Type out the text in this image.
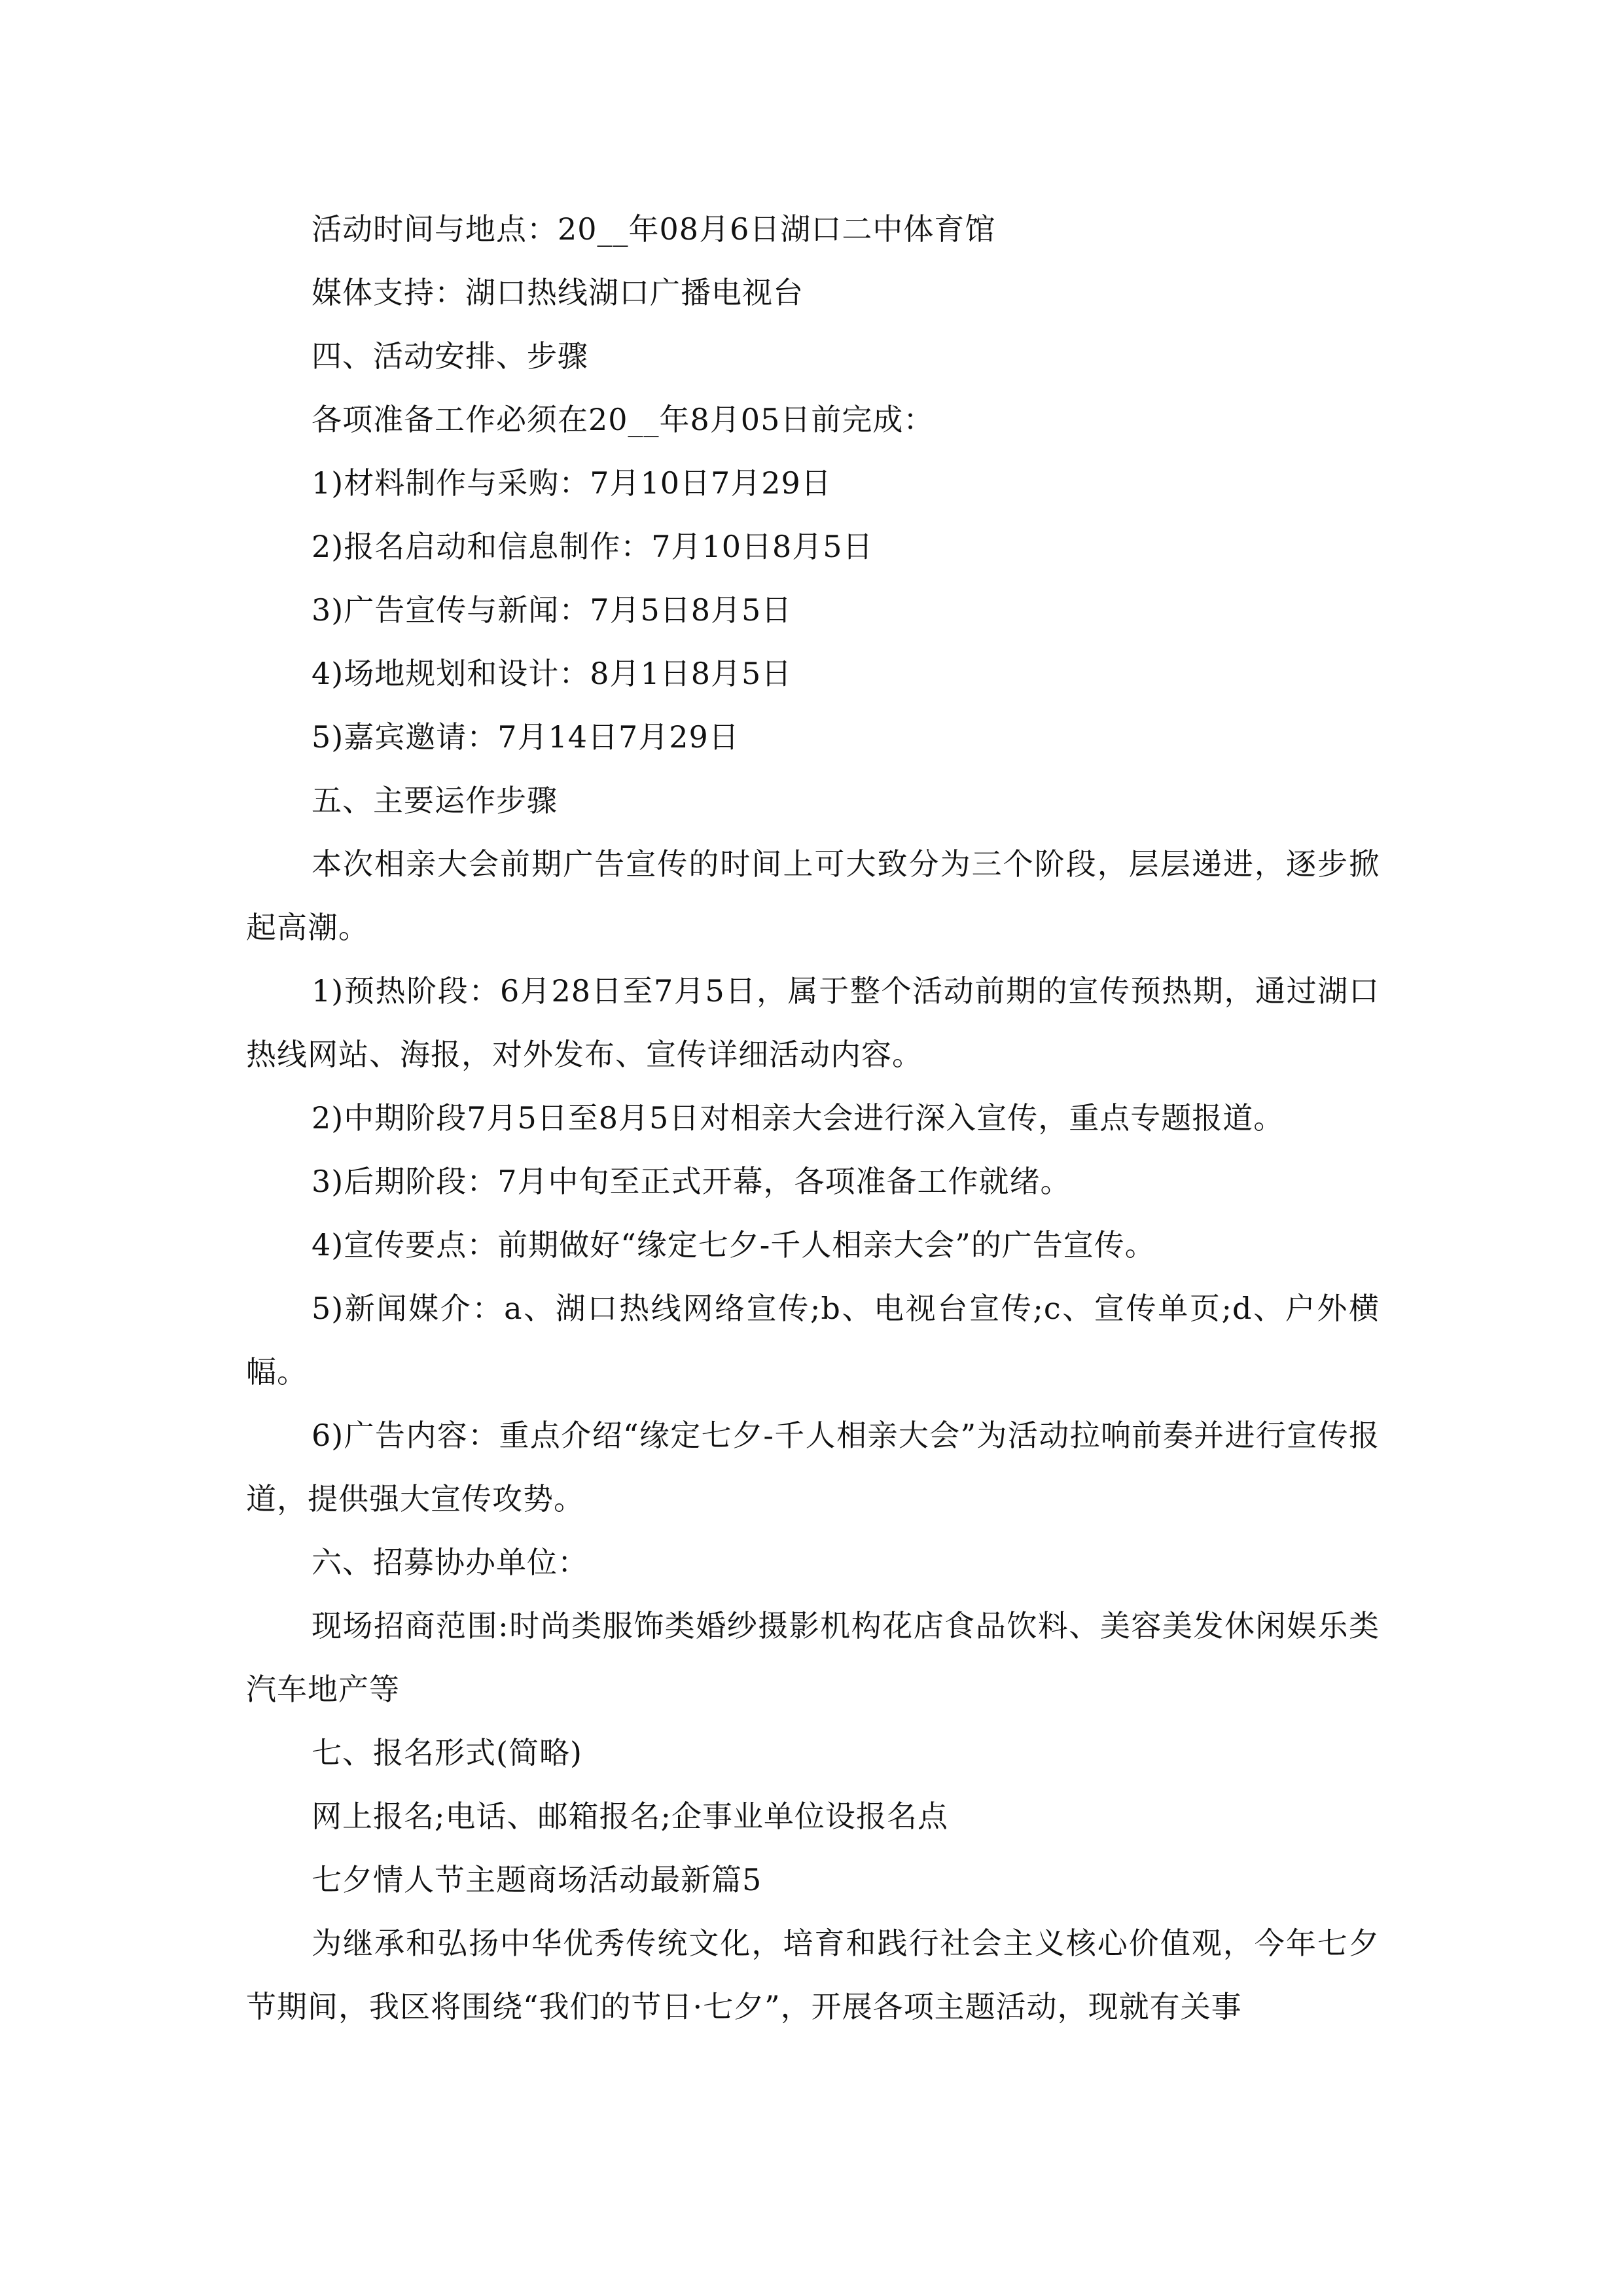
活动时间与地点：20__年08月6日湖口二中体育馆

媒体支持：湖口热线湖口广播电视台

四、活动安排、步骤

各项准备工作必须在20__年8月05日前完成：

1)材料制作与采购：7月10日7月29日

2)报名启动和信息制作：7月10日8月5日

3)广告宣传与新闻：7月5日8月5日

4)场地规划和设计：8月1日8月5日

5)嘉宾邀请：7月14日7月29日

五、主要运作步骤

本次相亲大会前期广告宣传的时间上可大致分为三个阶段，层层递进，逐步掀起高潮。

1)预热阶段：6月28日至7月5日，属于整个活动前期的宣传预热期，通过湖口热线网站、海报，对外发布、宣传详细活动内容。

2)中期阶段7月5日至8月5日对相亲大会进行深入宣传，重点专题报道。

3)后期阶段：7月中旬至正式开幕，各项准备工作就绪。

4)宣传要点：前期做好“缘定七夕-千人相亲大会”的广告宣传。

5)新闻媒介：a、湖口热线网络宣传;b、电视台宣传;c、宣传单页;d、户外横幅。

6)广告内容：重点介绍“缘定七夕-千人相亲大会”为活动拉响前奏并进行宣传报道，提供强大宣传攻势。

六、招募协办单位：

现场招商范围:时尚类服饰类婚纱摄影机构花店食品饮料、美容美发休闲娱乐类汽车地产等

七、报名形式(简略)

网上报名;电话、邮箱报名;企事业单位设报名点

七夕情人节主题商场活动最新篇5

为继承和弘扬中华优秀传统文化，培育和践行社会主义核心价值观，今年七夕节期间，我区将围绕“我们的节日·七夕”，开展各项主题活动，现就有关事
